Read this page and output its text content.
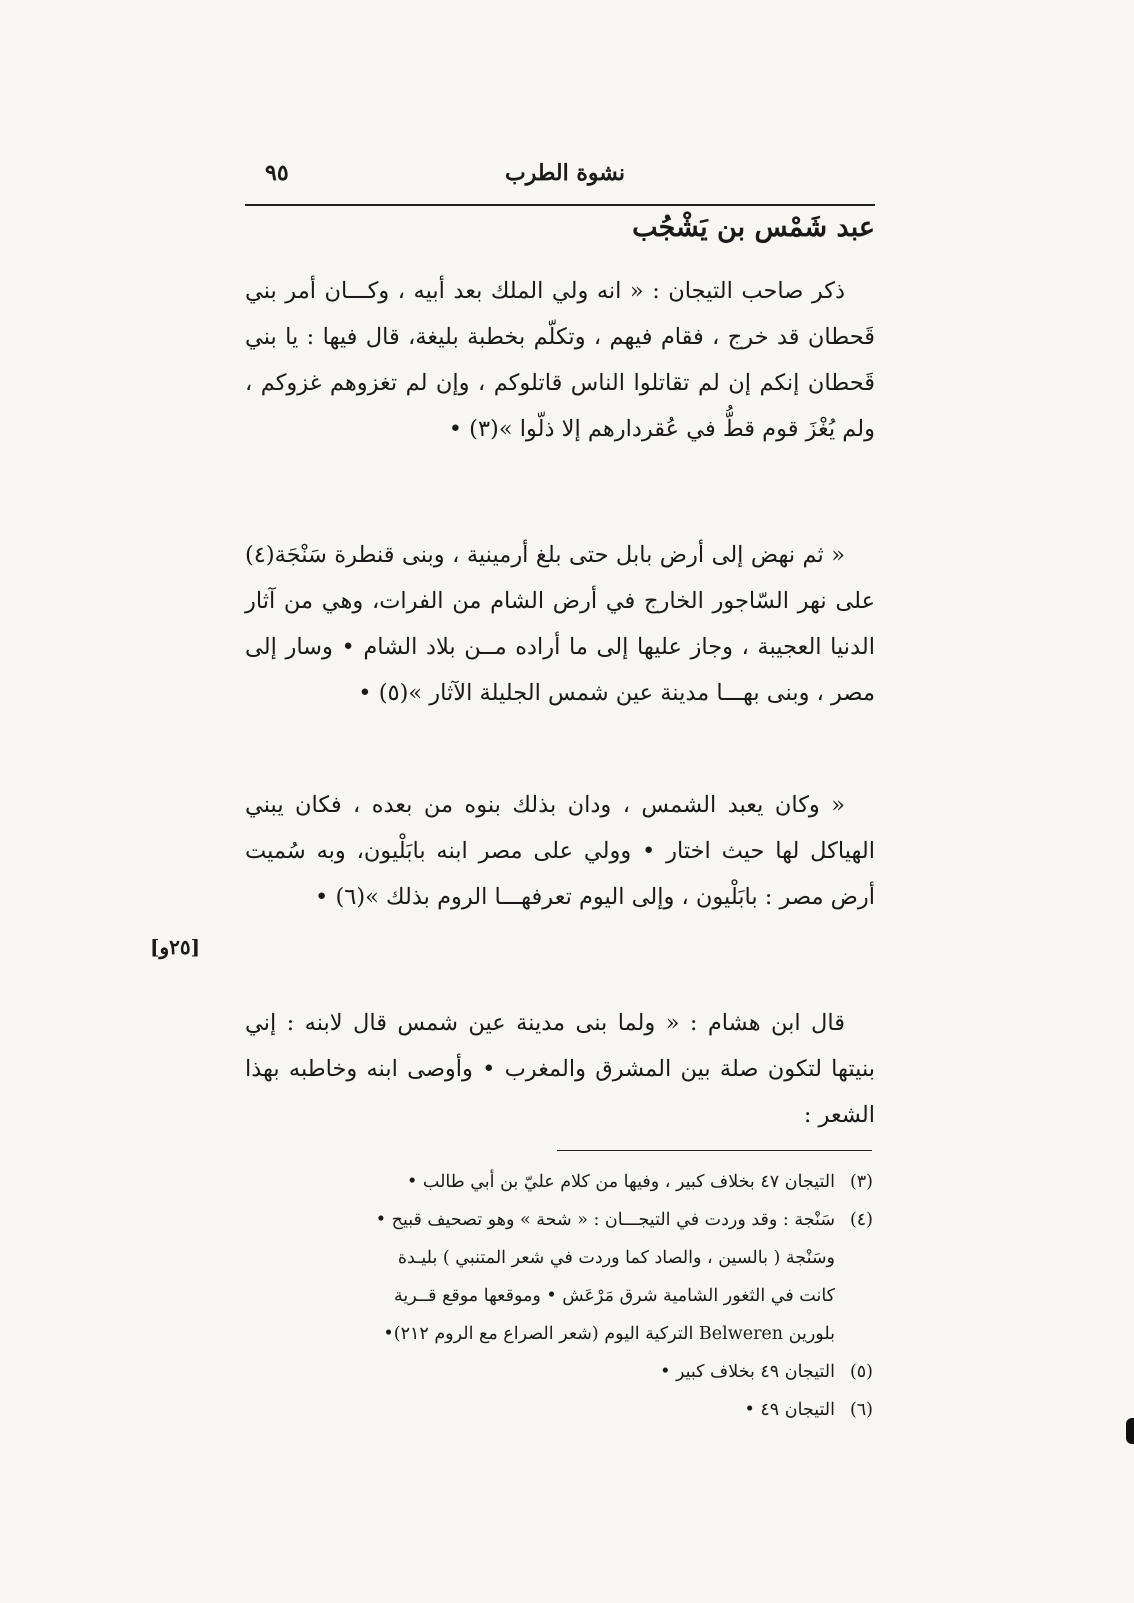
نشوة الطرب
٩٥
عبد شَمْس بن يَشْجُب

ذكر صاحب التيجان : « انه ولي الملك بعد أبيه ، وكـــان أمر بني قَحطان قد خرج ، فقام فيهم ، وتكلّم بخطبة بليغة، قال فيها : يا بني قَحطان إنكم إن لم تقاتلوا الناس قاتلوكم ، وإن لم تغزوهم غزوكم ، ولم يُغْزَ قوم قطُّ في عُقردارهم إلا ذلّوا »(٣) •

« ثم نهض إلى أرض بابل حتى بلغ أرمينية ، وبنى قنطرة سَنْجَة(٤) على نهر السّاجور الخارج في أرض الشام من الفرات، وهي من آثار الدنيا العجيبة ، وجاز عليها إلى ما أراده مــن بلاد الشام • وسار إلى مصر ، وبنى بهـــا مدينة عين شمس الجليلة الآثار »(٥) •

« وكان يعبد الشمس ، ودان بذلك بنوه من بعده ، فكان يبني الهياكل لها حيث اختار • وولي على مصر ابنه بابَلْيون، وبه سُميت أرض مصر : بابَلْيون ، وإلى اليوم تعرفهـــا الروم بذلك »(٦) •

[٢٥و]

قال ابن هشام : « ولما بنى مدينة عين شمس قال لابنه : إني بنيتها لتكون صلة بين المشرق والمغرب • وأوصى ابنه وخاطبه بهذا الشعر :

(٣)التيجان ٤٧ بخلاف كبير ، وفيها من كلام عليّ بن أبي طالب •

(٤)سَنْجة : وقد وردت في التيجـــان : « شحة » وهو تصحيف قبيح •

وسَنْجة ( بالسين ، والصاد كما وردت في شعر المتنبي ) بليـدة

كانت في الثغور الشامية شرق مَرْعَش • وموقعها موقع قــرية

بلورين Belweren التركية اليوم (شعر الصراع مع الروم ٢١٢)•

(٥)التيجان ٤٩ بخلاف كبير •

(٦)التيجان ٤٩ •
